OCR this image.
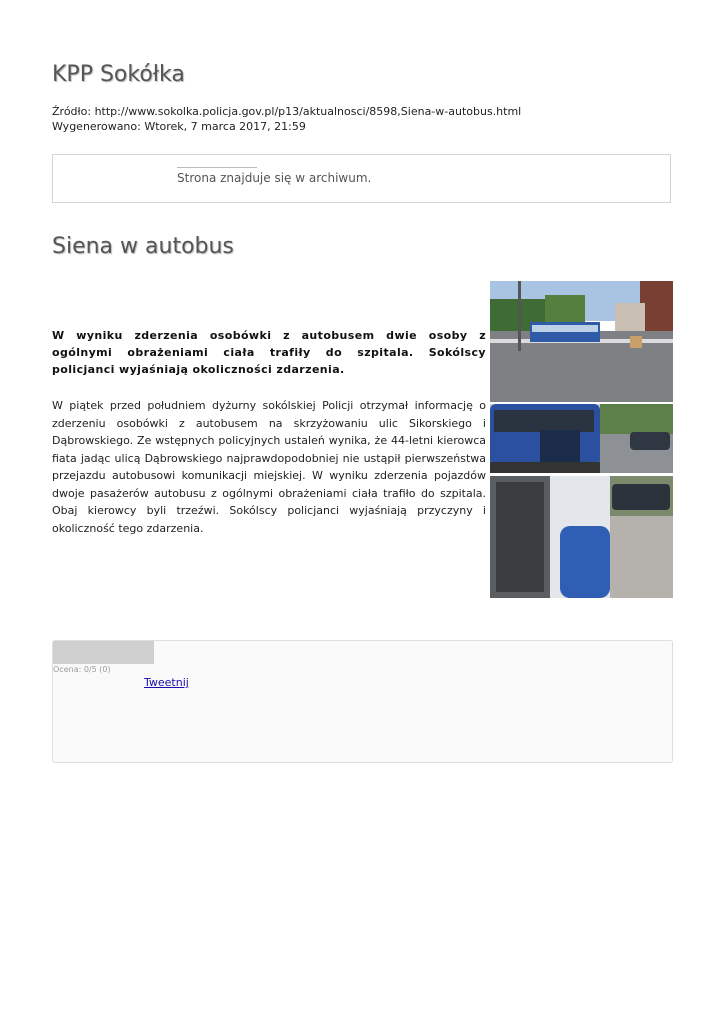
KPP Sokółka
Źródło: http://www.sokolka.policja.gov.pl/p13/aktualnosci/8598,Siena-w-autobus.html
Wygenerowano: Wtorek, 7 marca 2017, 21:59
Strona znajduje się w archiwum.
Siena w autobus

W wyniku zderzenia osobówki z autobusem dwie osoby z ogólnymi obrażeniami ciała trafiły do szpitala. Sokólscy policjanci wyjaśniają okoliczności zdarzenia.

W piątek przed południem dyżurny sokólskiej Policji otrzymał informację o zderzeniu osobówki z autobusem na skrzyżowaniu ulic Sikorskiego i Dąbrowskiego. Ze wstępnych policyjnych ustaleń wynika, że 44-letni kierowca fiata jadąc ulicą Dąbrowskiego najprawdopodobniej nie ustąpił pierwszeństwa przejazdu autobusowi komunikacji miejskiej. W wyniku zderzenia pojazdów dwoje pasażerów autobusu z ogólnymi obrażeniami ciała trafiło do szpitala. Obaj kierowcy byli trzeźwi. Sokólscy policjanci wyjaśniają przyczyny i okoliczność tego zdarzenia.

Ocena: 0/5 (0)
Tweetnij
